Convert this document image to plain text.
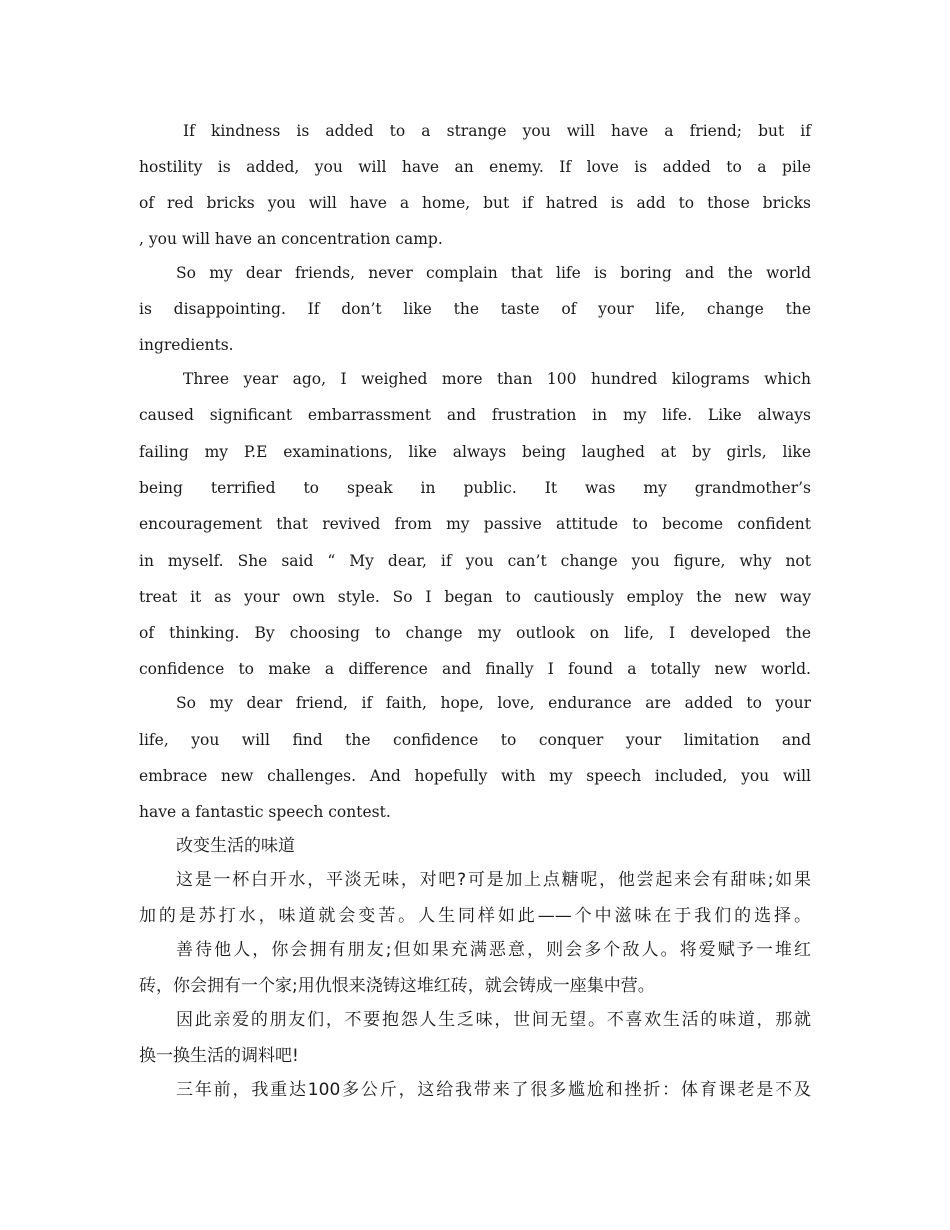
If kindness is added to a strange you will have a friend; but if

hostility is added, you will have an enemy. If love is added to a pile

of red bricks you will have a home, but if hatred is add to those bricks

, you will have an concentration camp.

So my dear friends, never complain that life is boring and the world

is disappointing. If don’t like the taste of your life, change the

ingredients.

Three year ago, I weighed more than 100 hundred kilograms which

caused significant embarrassment and frustration in my life. Like always

failing my P.E examinations, like always being laughed at by girls, like

being terrified to speak in public. It was my grandmother’s

encouragement that revived from my passive attitude to become confident

in myself. She said “ My dear, if you can’t change you figure, why not

treat it as your own style. So I began to cautiously employ the new way

of thinking. By choosing to change my outlook on life, I developed the

confidence to make a difference and finally I found a totally new world.

So my dear friend, if faith, hope, love, endurance are added to your

life, you will find the confidence to conquer your limitation and

embrace new challenges. And hopefully with my speech included, you will

have a fantastic speech contest.

改变生活的味道

这是一杯白开水，平淡无味，对吧?可是加上点糖呢，他尝起来会有甜味;如果

加的是苏打水，味道就会变苦。人生同样如此——个中滋味在于我们的选择。

善待他人，你会拥有朋友;但如果充满恶意，则会多个敌人。将爱赋予一堆红

砖，你会拥有一个家;用仇恨来浇铸这堆红砖，就会铸成一座集中营。

因此亲爱的朋友们，不要抱怨人生乏味，世间无望。不喜欢生活的味道，那就

换一换生活的调料吧!

三年前，我重达100多公斤，这给我带来了很多尴尬和挫折：体育课老是不及
